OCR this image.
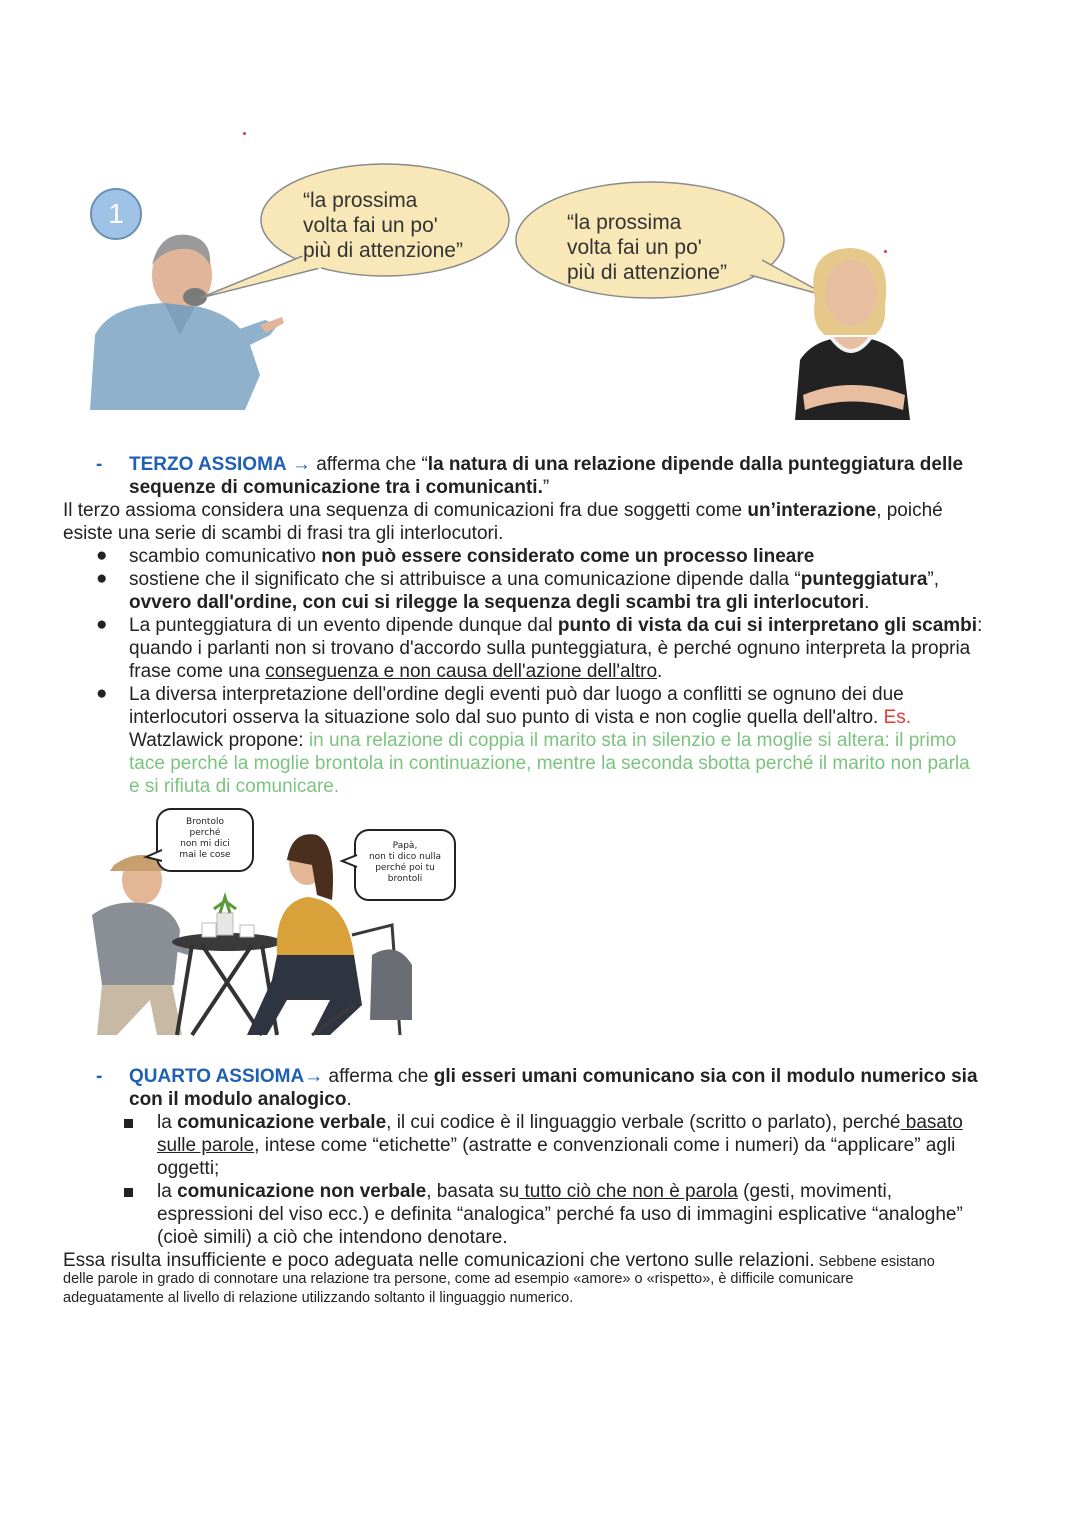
1	“la prossima
volta fai un po'
più di attenzione”
“la prossima
volta fai un po'
più di attenzione”
- TERZO ASSIOMA → afferma che “la natura di una relazione dipende dalla punteggiatura delle
sequenze di comunicazione tra i comunicanti.”
Il terzo assioma considera una sequenza di comunicazioni fra due soggetti come un’interazione, poiché
esiste una serie di scambi di frasi tra gli interlocutori.
● scambio comunicativo non può essere considerato come un processo lineare
● sostiene che il significato che si attribuisce a una comunicazione dipende dalla “punteggiatura”,
ovvero dall'ordine, con cui si rilegge la sequenza degli scambi tra gli interlocutori.
● La punteggiatura di un evento dipende dunque dal punto di vista da cui si interpretano gli scambi:
quando i parlanti non si trovano d'accordo sulla punteggiatura, è perché ognuno interpreta la propria
frase come una conseguenza e non causa dell'azione dell'altro.
● La diversa interpretazione dell'ordine degli eventi può dar luogo a conflitti se ognuno dei due
interlocutori osserva la situazione solo dal suo punto di vista e non coglie quella dell'altro. Es.
Watzlawick propone: in una relazione di coppia il marito sta in silenzio e la moglie si altera: il primo
tace perché la moglie brontola in continuazione, mentre la seconda sbotta perché il marito non parla
e si rifiuta di comunicare.
Brontolo
perché
non mi dici
mai le cose
Papà,
non ti dico nulla
perché poi tu
brontoli
- QUARTO ASSIOMA→ afferma che gli esseri umani comunicano sia con il modulo numerico sia
con il modulo analogico.
la comunicazione verbale, il cui codice è il linguaggio verbale (scritto o parlato), perché basato
sulle parole, intese come “etichette” (astratte e convenzionali come i numeri) da “applicare” agli
oggetti;
la comunicazione non verbale, basata su tutto ciò che non è parola (gesti, movimenti,
espressioni del viso ecc.) e definita “analogica” perché fa uso di immagini esplicative “analoghe”
(cioè simili) a ciò che intendono denotare.
Essa risulta insufficiente e poco adeguata nelle comunicazioni che vertono sulle relazioni. Sebbene esistano

delle parole in grado di connotare una relazione tra persone, come ad esempio «amore» o «rispetto», è difficile comunicare
adeguatamente al livello di relazione utilizzando soltanto il linguaggio numerico.
